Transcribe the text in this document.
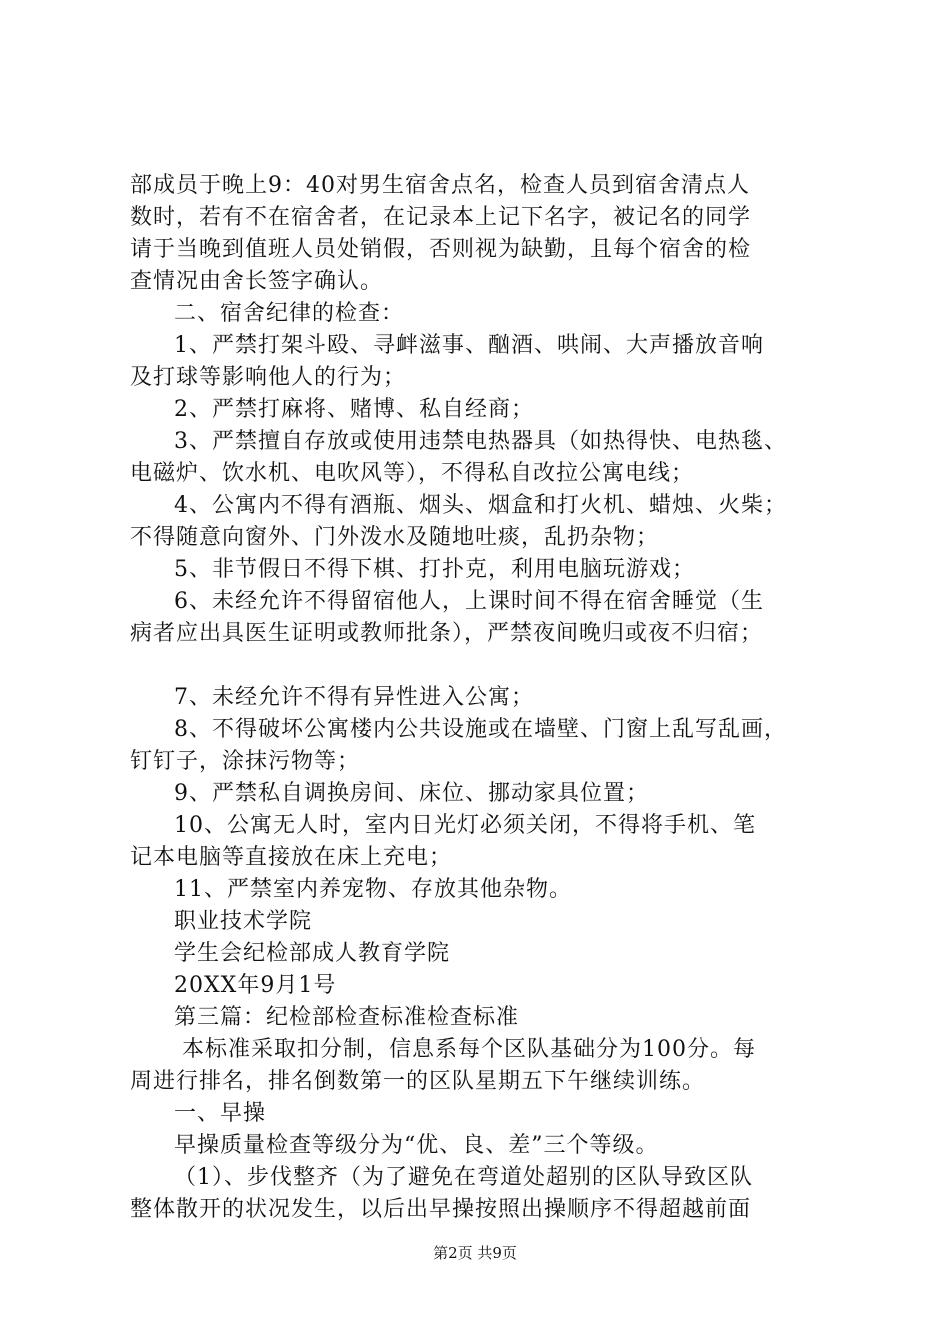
部成员于晚上9：40对男生宿舍点名，检查人员到宿舍清点人
数时，若有不在宿舍者，在记录本上记下名字，被记名的同学
请于当晚到值班人员处销假，否则视为缺勤，且每个宿舍的检
查情况由舍长签字确认。
二、宿舍纪律的检查：
1、严禁打架斗殴、寻衅滋事、酗酒、哄闹、大声播放音响
及打球等影响他人的行为；
2、严禁打麻将、赌博、私自经商；
3、严禁擅自存放或使用违禁电热器具（如热得快、电热毯、
电磁炉、饮水机、电吹风等），不得私自改拉公寓电线；
4、公寓内不得有酒瓶、烟头、烟盒和打火机、蜡烛、火柴；
不得随意向窗外、门外泼水及随地吐痰，乱扔杂物；
5、非节假日不得下棋、打扑克，利用电脑玩游戏；
6、未经允许不得留宿他人，上课时间不得在宿舍睡觉（生
病者应出具医生证明或教师批条），严禁夜间晚归或夜不归宿；
7、未经允许不得有异性进入公寓；
8、不得破坏公寓楼内公共设施或在墙壁、门窗上乱写乱画，
钉钉子，涂抹污物等；
9、严禁私自调换房间、床位、挪动家具位置；
10、公寓无人时，室内日光灯必须关闭，不得将手机、笔
记本电脑等直接放在床上充电；
11、严禁室内养宠物、存放其他杂物。
职业技术学院
学生会纪检部成人教育学院
20XX年9月1号
第三篇：纪检部检查标准检查标准
本标准采取扣分制，信息系每个区队基础分为100分。每
周进行排名，排名倒数第一的区队星期五下午继续训练。
一、早操
早操质量检查等级分为“优、良、差”三个等级。
（1）、步伐整齐（为了避免在弯道处超别的区队导致区队
整体散开的状况发生，以后出早操按照出操顺序不得超越前面
第2页 共9页
